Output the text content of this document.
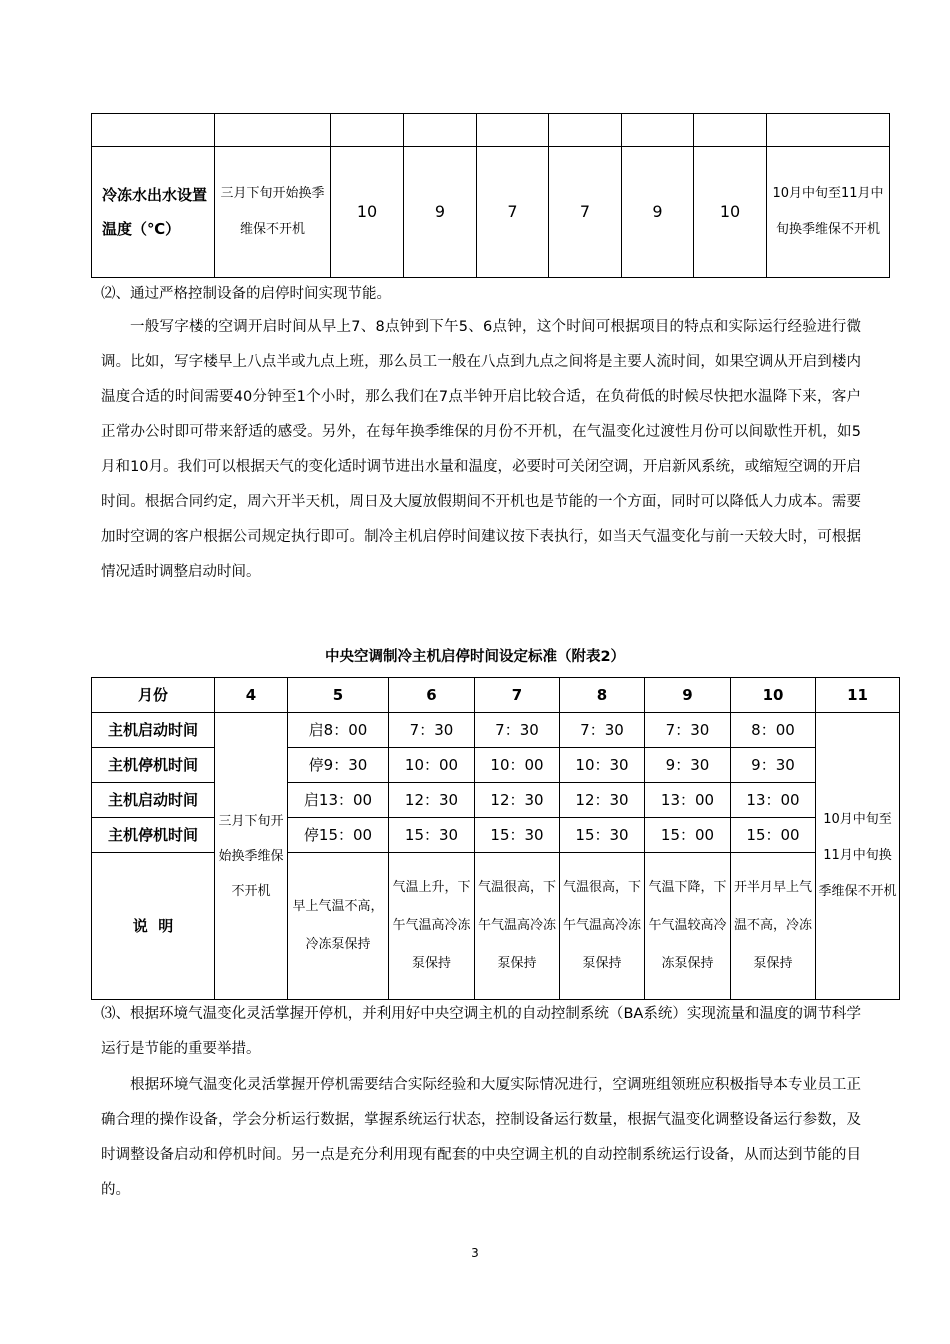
冷冻水出水设置温度（℃）	三月下旬开始换季维保不开机	10	9	7	7	9	10	10月中旬至11月中旬换季维保不开机

⑵、通过严格控制设备的启停时间实现节能。

一般写字楼的空调开启时间从早上7、8点钟到下午5、6点钟，这个时间可根据项目的特点和实际运行经验进行微调。比如，写字楼早上八点半或九点上班，那么员工一般在八点到九点之间将是主要人流时间，如果空调从开启到楼内温度合适的时间需要40分钟至1个小时，那么我们在7点半钟开启比较合适，在负荷低的时候尽快把水温降下来，客户正常办公时即可带来舒适的感受。另外，在每年换季维保的月份不开机，在气温变化过渡性月份可以间歇性开机，如5月和10月。我们可以根据天气的变化适时调节进出水量和温度，必要时可关闭空调，开启新风系统，或缩短空调的开启时间。根据合同约定，周六开半天机，周日及大厦放假期间不开机也是节能的一个方面，同时可以降低人力成本。需要加时空调的客户根据公司规定执行即可。制冷主机启停时间建议按下表执行，如当天气温变化与前一天较大时，可根据情况适时调整启动时间。

中央空调制冷主机启停时间设定标准（附表2）
月份	4	5	6	7	8	9	10	11
主机启动时间	三月下旬开始换季维保不开机	启8：00	7：30	7：30	7：30	7：30	8：00	10月中旬至11月中旬换季维保不开机
主机停机时间		停9：30	10：00	10：00	10：30	9：30	9：30	
主机启动时间		启13：00	12：30	12：30	12：30	13：00	13：00	
主机停机时间		停15：00	15：30	15：30	15：30	15：00	15：00	
说  明		早上气温不高，冷冻泵保持	气温上升，下午气温高冷冻泵保持	气温很高，下午气温高冷冻泵保持	气温很高，下午气温高冷冻泵保持	气温下降，下午气温较高冷冻泵保持	开半月早上气温不高，冷冻泵保持	

⑶、根据环境气温变化灵活掌握开停机，并利用好中央空调主机的自动控制系统（BA系统）实现流量和温度的调节科学运行是节能的重要举措。

根据环境气温变化灵活掌握开停机需要结合实际经验和大厦实际情况进行，空调班组领班应积极指导本专业员工正确合理的操作设备，学会分析运行数据，掌握系统运行状态，控制设备运行数量，根据气温变化调整设备运行参数，及时调整设备启动和停机时间。另一点是充分利用现有配套的中央空调主机的自动控制系统运行设备，从而达到节能的目的。

3
